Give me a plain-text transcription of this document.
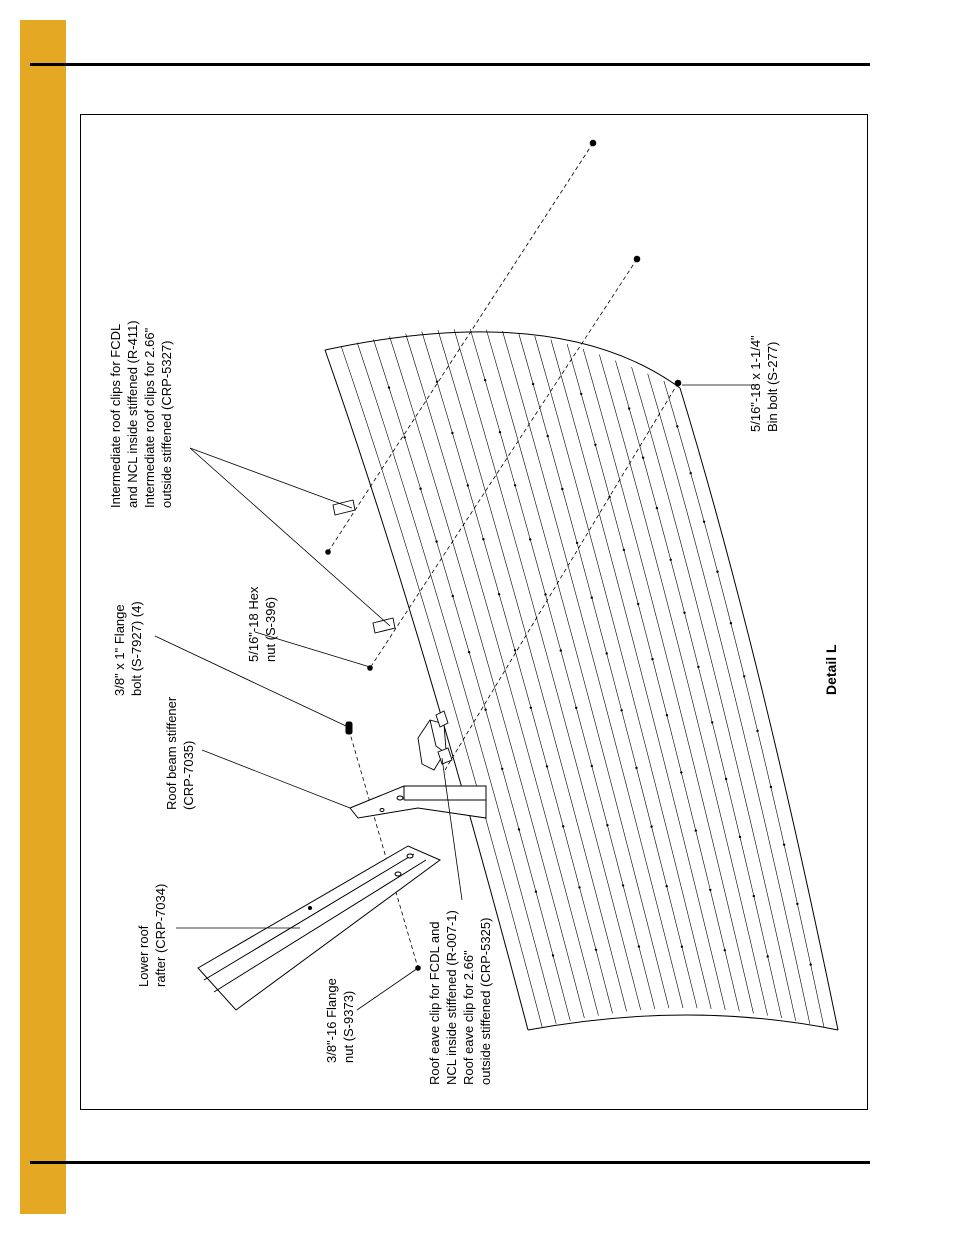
Intermediate roof clips for FCDL and NCL inside stiffened (R-411) Intermediate roof clips for 2.66" outside stiffened (CRP-5327)
3/8" x 1" Flange bolt (S-7927) (4)	5/16"-18 Hex nut (S-396)
Roof beam stiffener (CRP-7035)
Lower roof rafter (CRP-7034)
3/8"-16 Flange nut (S-9373)	Roof eave clip for FCDL and NCL inside stiffened (R-007-1) Roof eave clip for 2.66" outside stiffened (CRP-5325)
5/16"-18 x 1-1/4" Bin bolt (S-277)
Detail L
